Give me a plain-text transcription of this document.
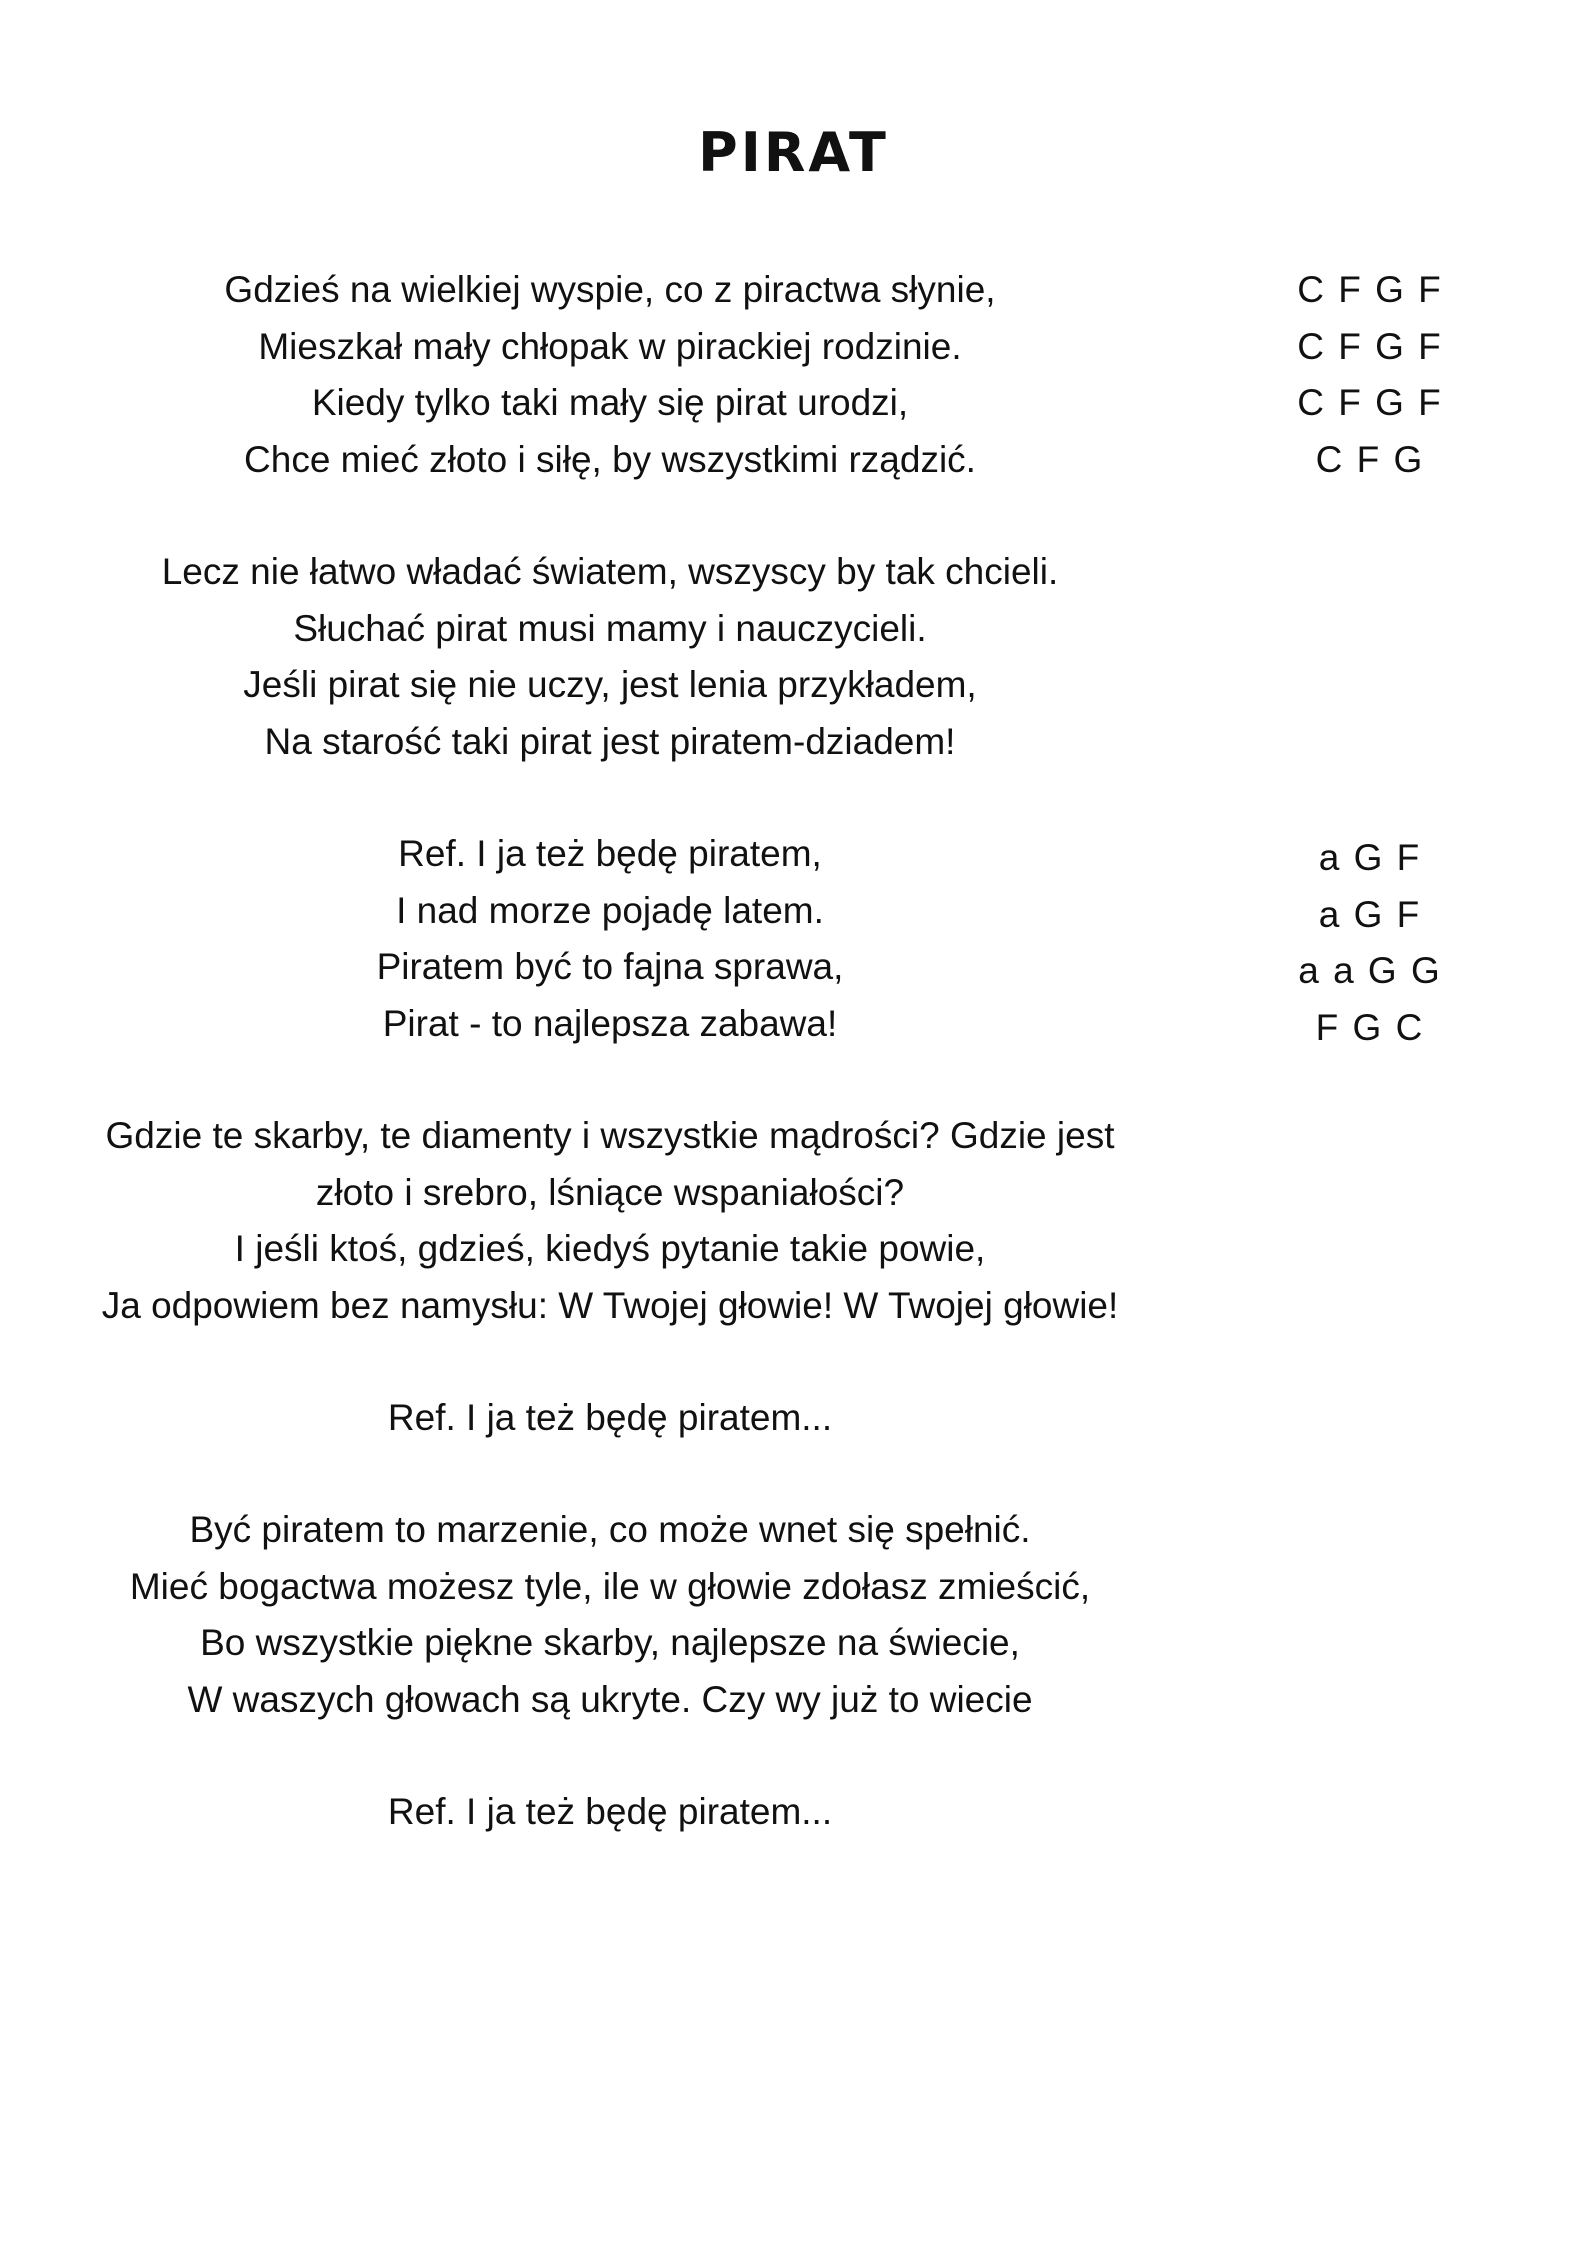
PIRAT
Gdzieś na wielkiej wyspie, co z piractwa słynie,
Mieszkał mały chłopak w pirackiej rodzinie.
Kiedy tylko taki mały się pirat urodzi,
Chce mieć złoto i siłę, by wszystkimi rządzić.
C F G F
C F G F
C F G F
C F G
Lecz nie łatwo władać światem, wszyscy by tak chcieli.
Słuchać pirat musi mamy i nauczycieli.
Jeśli pirat się nie uczy, jest lenia przykładem,
Na starość taki pirat jest piratem-dziadem!
Ref. I ja też będę piratem,
I nad morze pojadę latem.
Piratem być to fajna sprawa,
Pirat - to najlepsza zabawa!
a G F
a G F
a a G G
F G C
Gdzie te skarby, te diamenty i wszystkie mądrości? Gdzie jest
złoto i srebro, lśniące wspaniałości?
I jeśli ktoś, gdzieś, kiedyś pytanie takie powie,
Ja odpowiem bez namysłu: W Twojej głowie! W Twojej głowie!
Ref. I ja też będę piratem...
Być piratem to marzenie, co może wnet się spełnić.
Mieć bogactwa możesz tyle, ile w głowie zdołasz zmieścić,
Bo wszystkie piękne skarby, najlepsze na świecie,
W waszych głowach są ukryte. Czy wy już to wiecie
Ref. I ja też będę piratem...
